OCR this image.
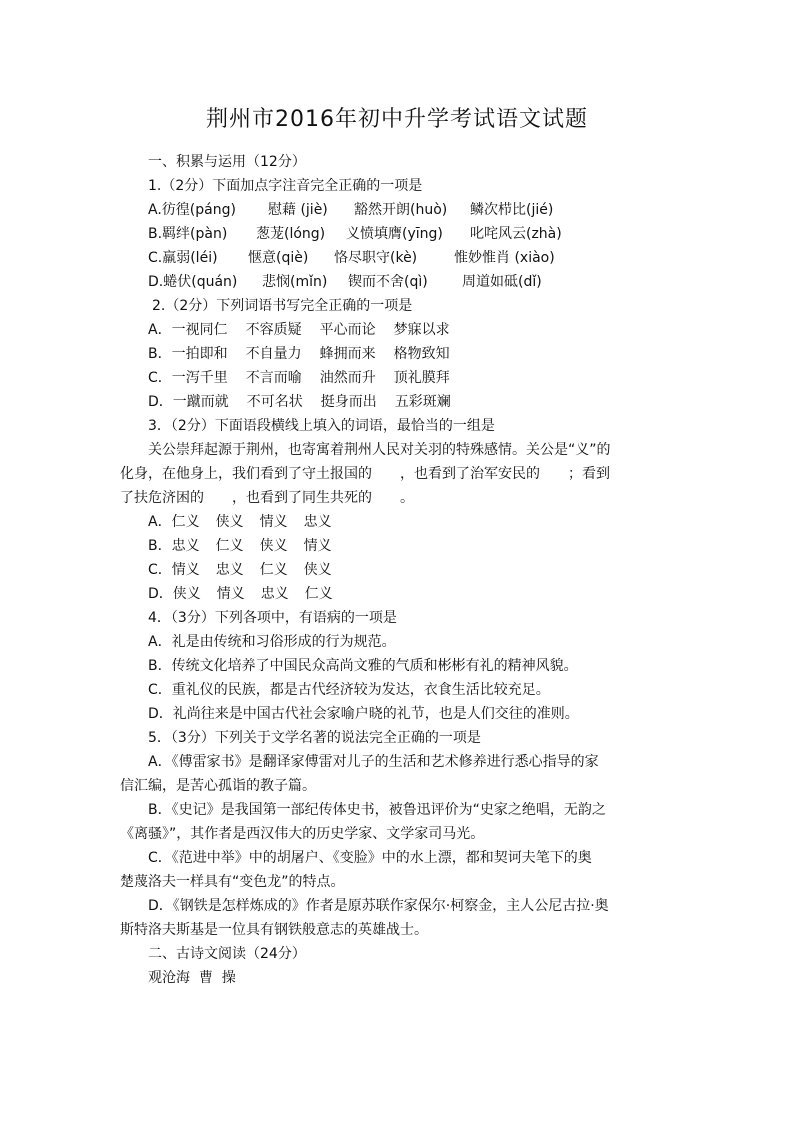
荆州市2016年初中升学考试语文试题
一、积累与运用（12分）
1.（2分）下面加点字注音完全正确的一项是
A.彷徨(páng) 慰藉 (jiè) 豁然开朗(huò) 鳞次栉比(jié)
B.羁绊(pàn) 葱茏(lóng) 义愤填膺(yīng) 叱咤风云(zhà)
C.羸弱(léi) 惬意(qiè) 恪尽职守(kè)	惟妙惟肖 (xiào)
D.蜷伏(quán) 悲悯(mǐn) 锲而不舍(qì) 周道如砥(dǐ)
2.（2分）下列词语书写完全正确的一项是
A．一视同仁 不容质疑 平心而论 梦寐以求
B．一拍即和 不自量力 蜂拥而来 格物致知
C．一泻千里 不言而喻 油然而升 顶礼膜拜
D．一蹴而就 不可名状 挺身而出 五彩斑斓
3．（2分）下面语段横线上填入的词语，最恰当的一组是
关公崇拜起源于荆州，也寄寓着荆州人民对关羽的特殊感情。关公是“义”的
化身，在他身上，我们看到了守土报国的 ，也看到了治军安民的 ；看到
了扶危济困的 ，也看到了同生共死的 。
A．仁义 侠义 情义 忠义
B．忠义 仁义 侠义 情义
C．情义 忠义 仁义 侠义
D．侠义 情义 忠义 仁义
4．（3分）下列各项中，有语病的一项是
A．礼是由传统和习俗形成的行为规范。
B．传统文化培养了中国民众高尚文雅的气质和彬彬有礼的精神风貌。
C．重礼仪的民族，都是古代经济较为发达，衣食生活比较充足。
D．礼尚往来是中国古代社会家喻户晓的礼节，也是人们交往的准则。
5．（3分）下列关于文学名著的说法完全正确的一项是
A．《傅雷家书》是翻译家傅雷对儿子的生活和艺术修养进行悉心指导的家
信汇编，是苦心孤诣的教子篇。
B．《史记》是我国第一部纪传体史书，被鲁迅评价为“史家之绝唱，无韵之
《离骚》”，其作者是西汉伟大的历史学家、文学家司马光。
C．《范进中举》中的胡屠户、《变脸》中的水上漂，都和契诃夫笔下的奥
楚蔑洛夫一样具有“变色龙”的特点。
D．《钢铁是怎样炼成的》作者是原苏联作家保尔·柯察金，主人公尼古拉·奥
斯特洛夫斯基是一位具有钢铁般意志的英雄战士。
二、古诗文阅读（24分）
观沧海  曹  操
